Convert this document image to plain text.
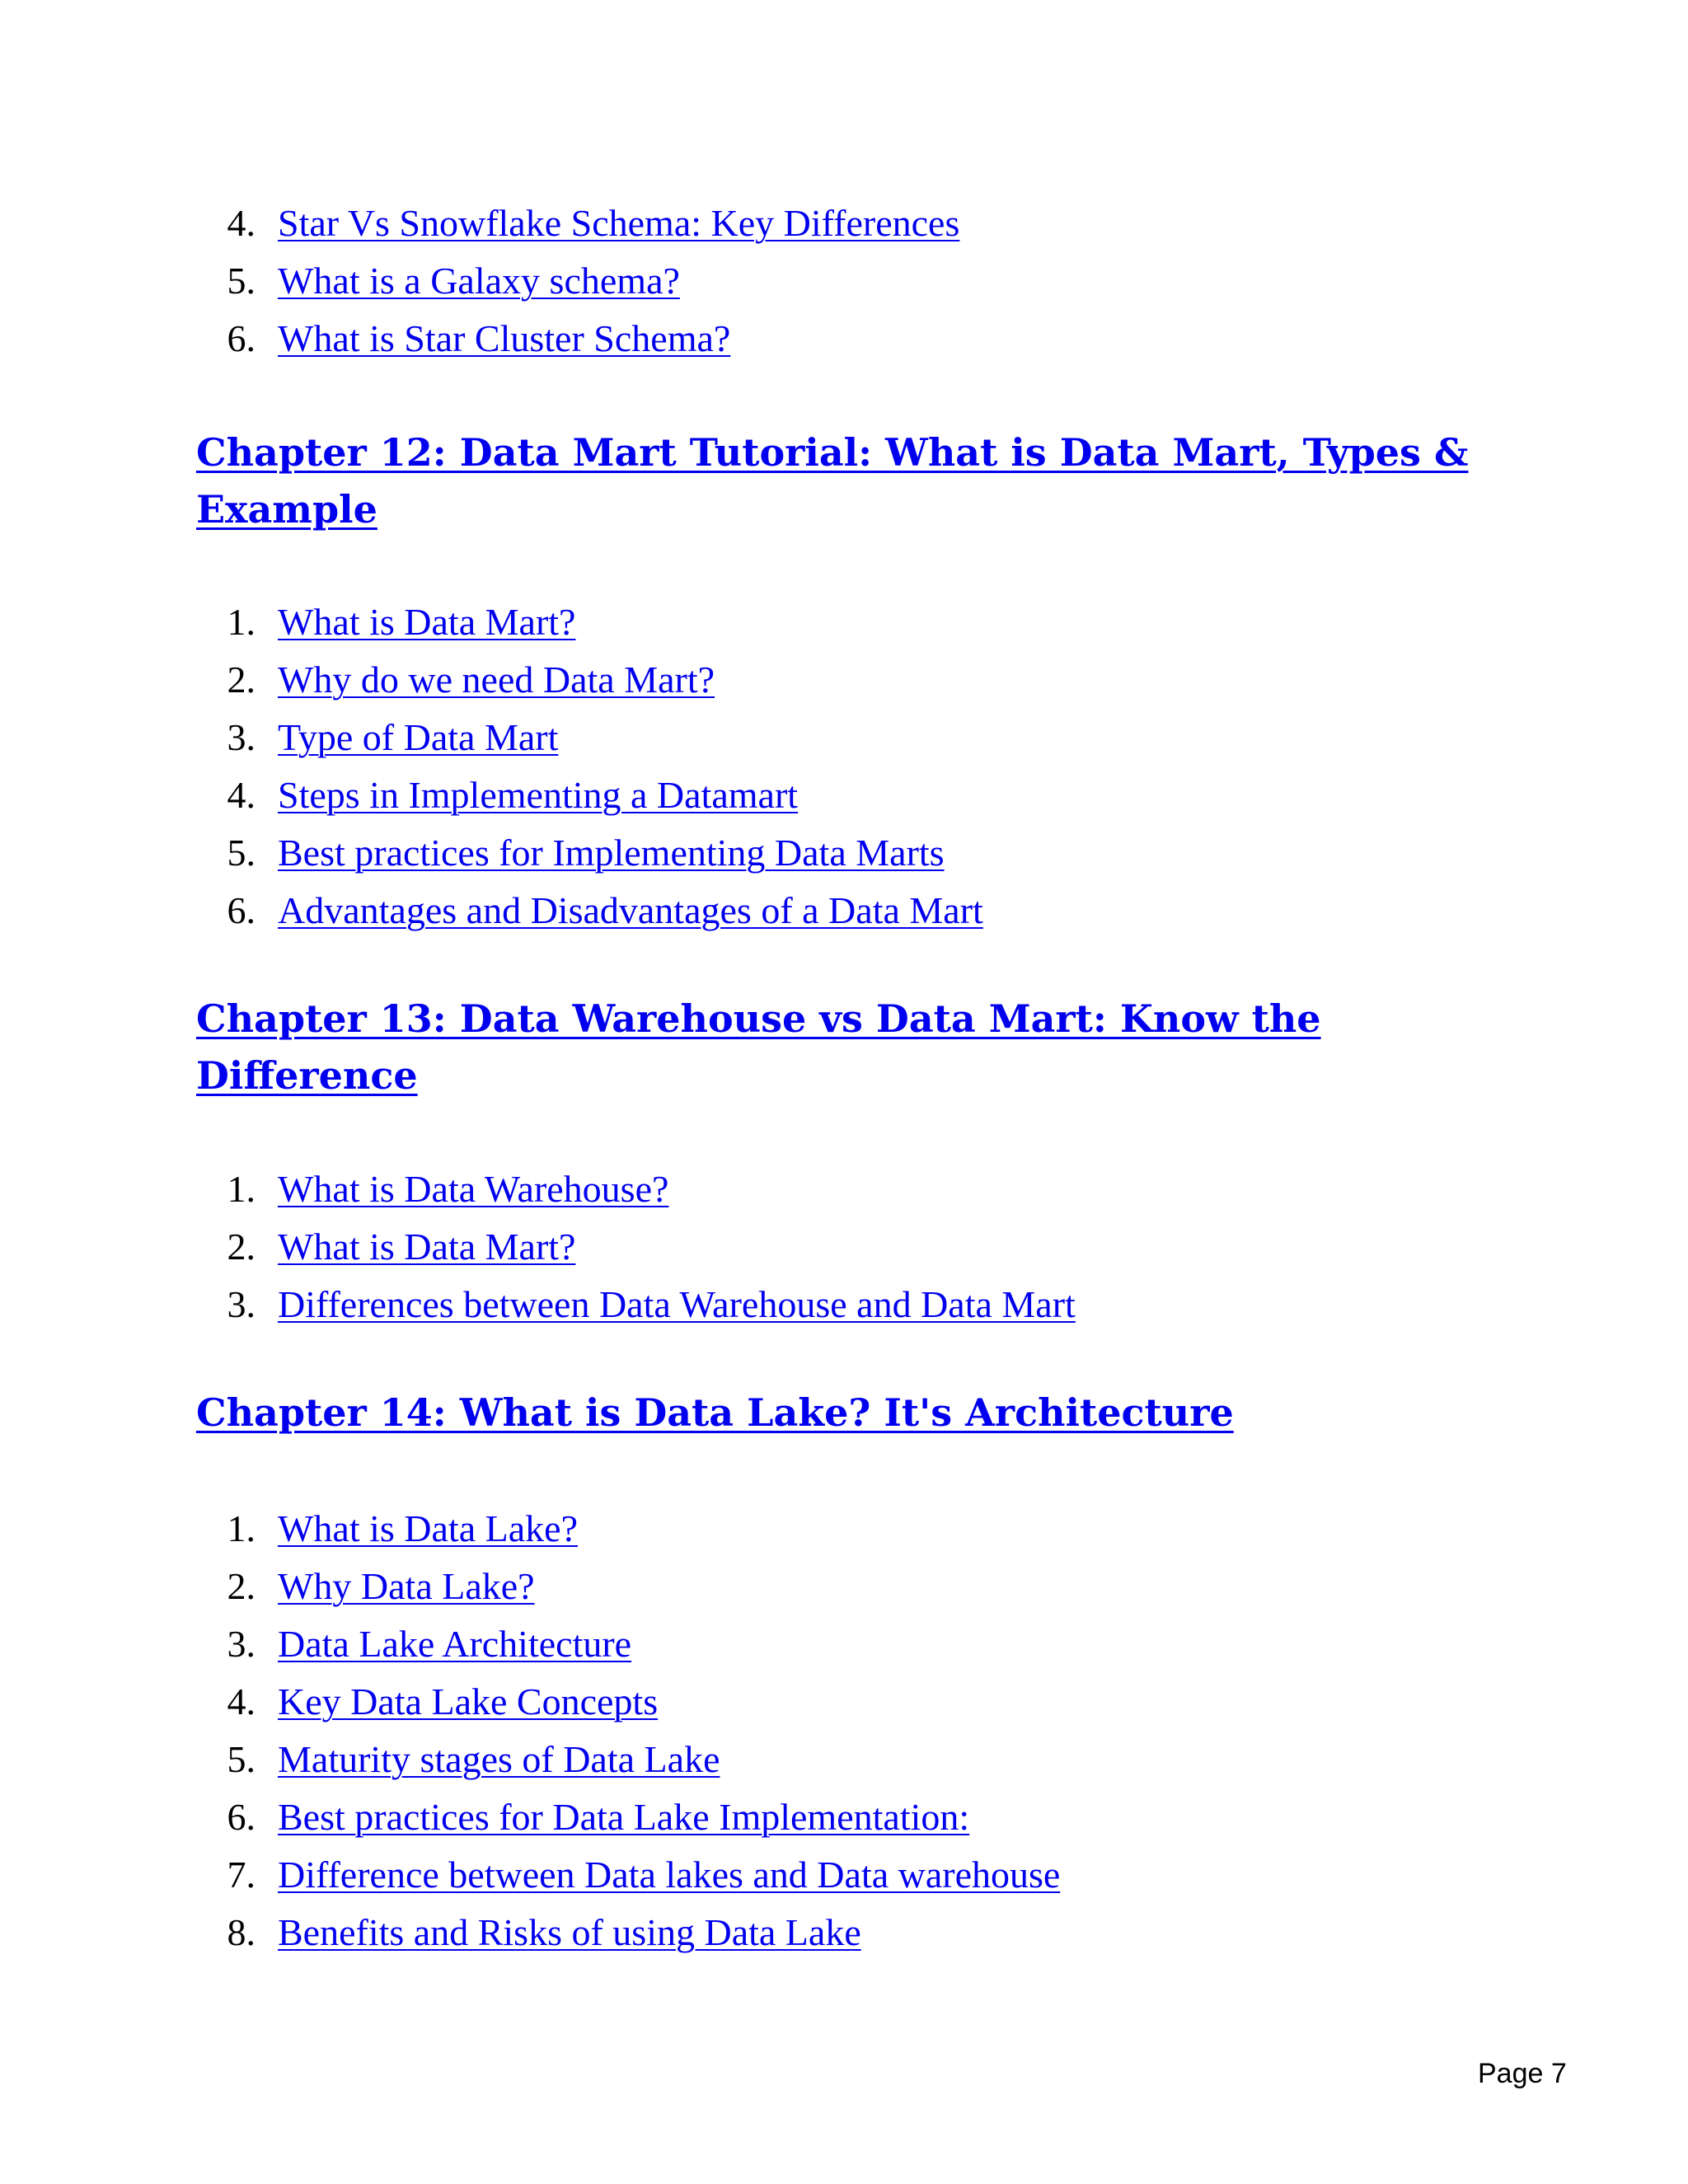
4. Star Vs Snowflake Schema: Key Differences
5. What is a Galaxy schema?
6. What is Star Cluster Schema?
Chapter 12: Data Mart Tutorial: What is Data Mart, Types & Example
1. What is Data Mart?
2. Why do we need Data Mart?
3. Type of Data Mart
4. Steps in Implementing a Datamart
5. Best practices for Implementing Data Marts
6. Advantages and Disadvantages of a Data Mart
Chapter 13: Data Warehouse vs Data Mart: Know the Difference
1. What is Data Warehouse?
2. What is Data Mart?
3. Differences between Data Warehouse and Data Mart
Chapter 14: What is Data Lake? It's Architecture
1. What is Data Lake?
2. Why Data Lake?
3. Data Lake Architecture
4. Key Data Lake Concepts
5. Maturity stages of Data Lake
6. Best practices for Data Lake Implementation:
7. Difference between Data lakes and Data warehouse
8. Benefits and Risks of using Data Lake
Page 7
